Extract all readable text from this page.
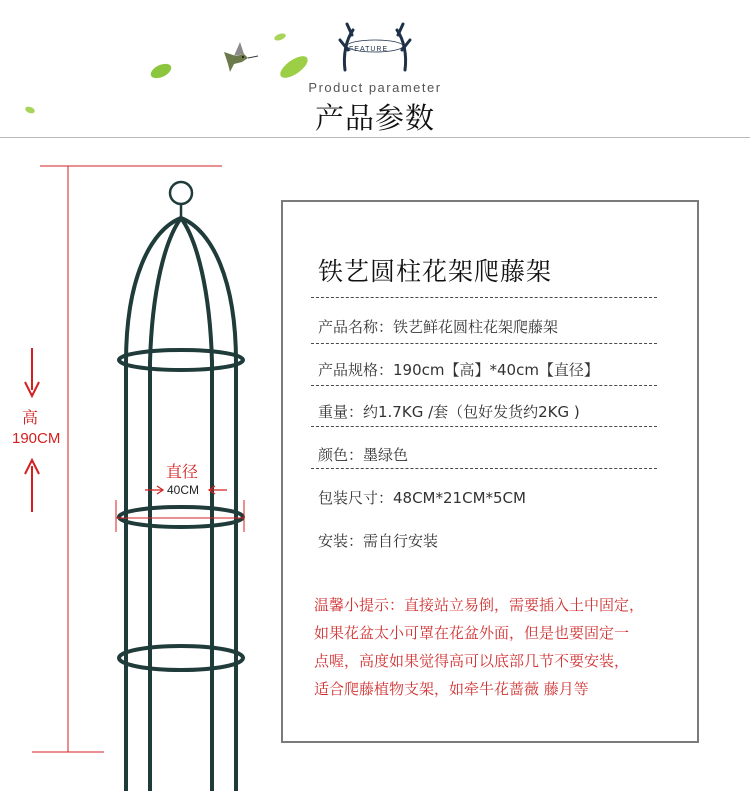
FEATURE
Product parameter
产品参数
高
190CM
直径
40CM
铁艺圆柱花架爬藤架
产品名称：铁艺鲜花圆柱花架爬藤架
产品规格：190cm【高】*40cm【直径】
重量：约1.7KG /套（包好发货约2KG )
颜色：墨绿色
包装尺寸：48CM*21CM*5CM
安装：需自行安装
温馨小提示：直接站立易倒，需要插入土中固定，
如果花盆太小可罩在花盆外面，但是也要固定一
点喔，高度如果觉得高可以底部几节不要安装，
适合爬藤植物支架，如牵牛花蔷薇 藤月等
